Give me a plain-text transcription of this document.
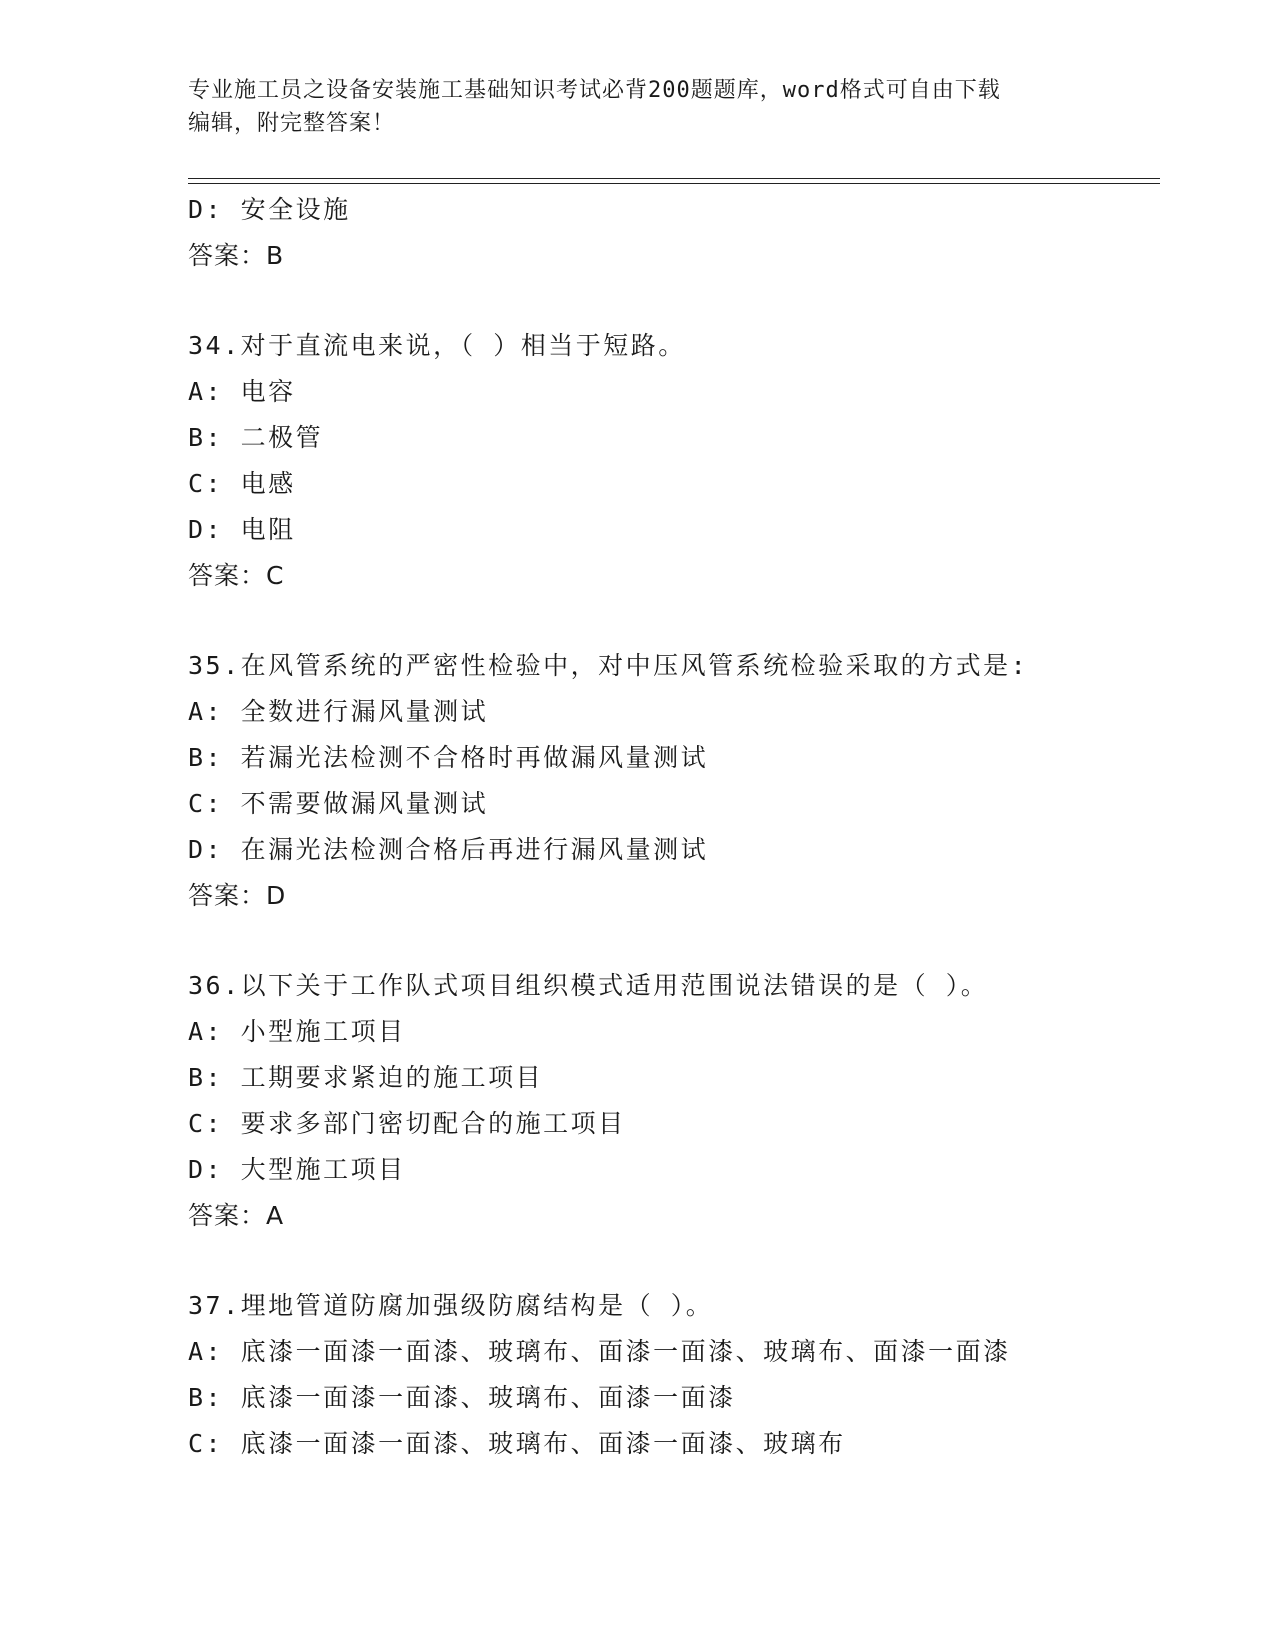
专业施工员之设备安装施工基础知识考试必背200题题库，word格式可自由下载
编辑，附完整答案！
D: 安全设施
答案：B
34.对于直流电来说，（ ）相当于短路。
A: 电容
B: 二极管
C: 电感
D: 电阻
答案：C
35.在风管系统的严密性检验中，对中压风管系统检验采取的方式是:
A: 全数进行漏风量测试
B: 若漏光法检测不合格时再做漏风量测试
C: 不需要做漏风量测试
D: 在漏光法检测合格后再进行漏风量测试
答案：D
36.以下关于工作队式项目组织模式适用范围说法错误的是（ ）。
A: 小型施工项目
B: 工期要求紧迫的施工项目
C: 要求多部门密切配合的施工项目
D: 大型施工项目
答案：A
37.埋地管道防腐加强级防腐结构是（ ）。
A: 底漆一面漆一面漆、玻璃布、面漆一面漆、玻璃布、面漆一面漆
B: 底漆一面漆一面漆、玻璃布、面漆一面漆
C: 底漆一面漆一面漆、玻璃布、面漆一面漆、玻璃布
